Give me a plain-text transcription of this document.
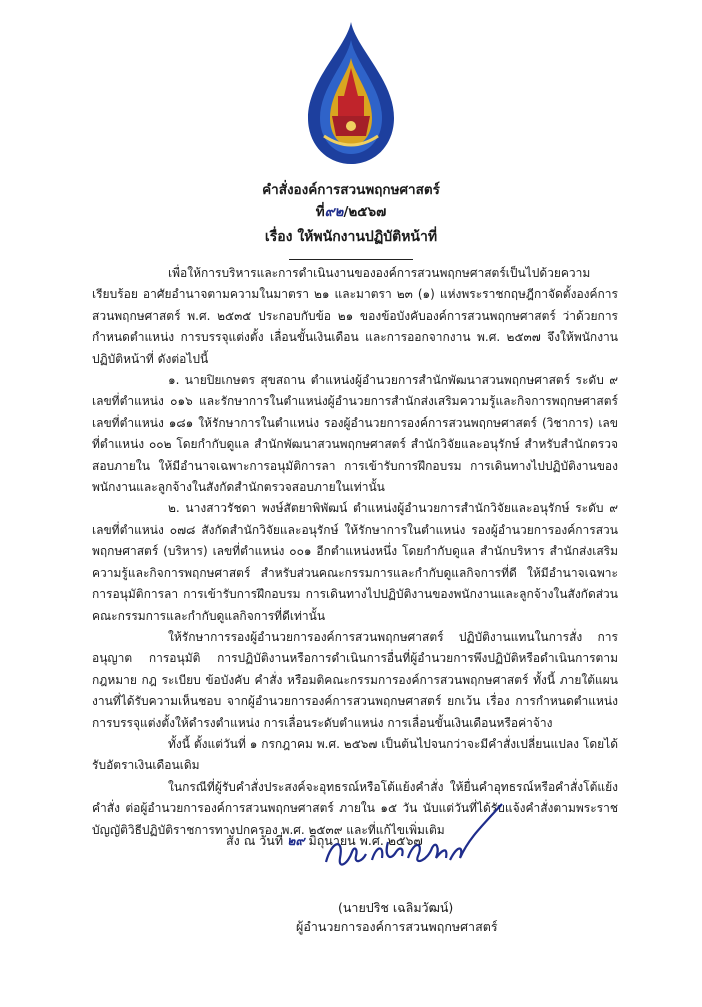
คำสั่งองค์การสวนพฤกษศาสตร์
ที่๙๒/๒๕๖๗
เรื่อง ให้พนักงานปฏิบัติหน้าที่

เพื่อให้การบริหารและการดำเนินงานขององค์การสวนพฤกษศาสตร์เป็นไปด้วยความเรียบร้อย อาศัยอำนาจตามความในมาตรา ๒๑ และมาตรา ๒๓ (๑) แห่งพระราชกฤษฎีกาจัดตั้งองค์การสวนพฤกษศาสตร์ พ.ศ. ๒๕๓๕ ประกอบกับข้อ ๒๑ ของข้อบังคับองค์การสวนพฤกษศาสตร์ ว่าด้วยการกำหนดตำแหน่ง การบรรจุแต่งตั้ง เลื่อนขั้นเงินเดือน และการออกจากงาน พ.ศ. ๒๕๓๗ จึงให้พนักงานปฏิบัติหน้าที่ ดังต่อไปนี้

๑. นายปิยเกษตร สุขสถาน ตำแหน่งผู้อำนวยการสำนักพัฒนาสวนพฤกษศาสตร์ ระดับ ๙ เลขที่ตำแหน่ง ๐๑๖ และรักษาการในตำแหน่งผู้อำนวยการสำนักส่งเสริมความรู้และกิจการพฤกษศาสตร์ เลขที่ตำแหน่ง ๑๘๑ ให้รักษาการในตำแหน่ง รองผู้อำนวยการองค์การสวนพฤกษศาสตร์ (วิชาการ) เลขที่ตำแหน่ง ๐๐๒ โดยกำกับดูแล สำนักพัฒนาสวนพฤกษศาสตร์ สำนักวิจัยและอนุรักษ์ สำหรับสำนักตรวจสอบภายใน ให้มีอำนาจเฉพาะการอนุมัติการลา การเข้ารับการฝึกอบรม การเดินทางไปปฏิบัติงานของพนักงานและลูกจ้างในสังกัดสำนักตรวจสอบภายในเท่านั้น

๒. นางสาวรัชดา พงษ์สัตยาพิพัฒน์ ตำแหน่งผู้อำนวยการสำนักวิจัยและอนุรักษ์ ระดับ ๙ เลขที่ตำแหน่ง ๐๗๘ สังกัดสำนักวิจัยและอนุรักษ์ ให้รักษาการในตำแหน่ง รองผู้อำนวยการองค์การสวนพฤกษศาสตร์ (บริหาร) เลขที่ตำแหน่ง ๐๐๑ อีกตำแหน่งหนึ่ง โดยกำกับดูแล สำนักบริหาร สำนักส่งเสริมความรู้และกิจการพฤกษศาสตร์ สำหรับส่วนคณะกรรมการและกำกับดูแลกิจการที่ดี ให้มีอำนาจเฉพาะการอนุมัติการลา การเข้ารับการฝึกอบรม การเดินทางไปปฏิบัติงานของพนักงานและลูกจ้างในสังกัดส่วนคณะกรรมการและกำกับดูแลกิจการที่ดีเท่านั้น

ให้รักษาการรองผู้อำนวยการองค์การสวนพฤกษศาสตร์ ปฏิบัติงานแทนในการสั่ง การอนุญาต การอนุมัติ การปฏิบัติงานหรือการดำเนินการอื่นที่ผู้อำนวยการพึงปฏิบัติหรือดำเนินการตามกฎหมาย กฎ ระเบียบ ข้อบังคับ คำสั่ง หรือมติคณะกรรมการองค์การสวนพฤกษศาสตร์ ทั้งนี้ ภายใต้แผนงานที่ได้รับความเห็นชอบ จากผู้อำนวยการองค์การสวนพฤกษศาสตร์ ยกเว้น เรื่อง การกำหนดตำแหน่ง การบรรจุแต่งตั้งให้ดำรงตำแหน่ง การเลื่อนระดับตำแหน่ง การเลื่อนขั้นเงินเดือนหรือค่าจ้าง

ทั้งนี้ ตั้งแต่วันที่ ๑ กรกฎาคม พ.ศ. ๒๕๖๗ เป็นต้นไปจนกว่าจะมีคำสั่งเปลี่ยนแปลง โดยได้รับอัตราเงินเดือนเดิม

ในกรณีที่ผู้รับคำสั่งประสงค์จะอุทธรณ์หรือโต้แย้งคำสั่ง ให้ยื่นคำอุทธรณ์หรือคำสั่งโต้แย้งคำสั่ง ต่อผู้อำนวยการองค์การสวนพฤกษศาสตร์ ภายใน ๑๕ วัน นับแต่วันที่ได้รับแจ้งคำสั่งตามพระราชบัญญัติวิธีปฏิบัติราชการทางปกครอง พ.ศ. ๒๕๓๙ และที่แก้ไขเพิ่มเติม

สั่ง ณ วันที่ ๒๙ มิถุนายน พ.ศ. ๒๕๖๗
(นายปริช เฉลิมวัฒน์)
ผู้อำนวยการองค์การสวนพฤกษศาสตร์
